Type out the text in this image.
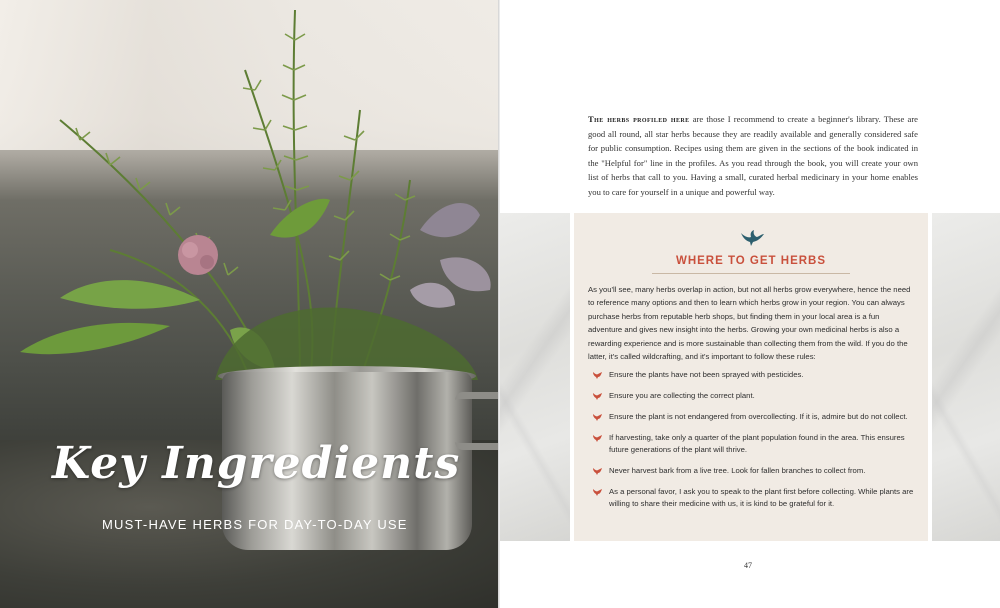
Key Ingredients
MUST-HAVE HERBS FOR DAY-TO-DAY USE
The herbs profiled here are those I recommend to create a beginner's library. These are good all round, all star herbs because they are readily available and generally considered safe for public consumption. Recipes using them are given in the sections of the book indicated in the "Helpful for" line in the profiles. As you read through the book, you will create your own list of herbs that call to you. Having a small, curated herbal medicinary in your home enables you to care for yourself in a unique and powerful way.
WHERE TO GET HERBS
As you'll see, many herbs overlap in action, but not all herbs grow everywhere, hence the need to reference many options and then to learn which herbs grow in your region. You can always purchase herbs from reputable herb shops, but finding them in your local area is a fun adventure and gives new insight into the herbs. Growing your own medicinal herbs is also a rewarding experience and is more sustainable than collecting them from the wild. If you do the latter, it's called wildcrafting, and it's important to follow these rules:
Ensure the plants have not been sprayed with pesticides.
Ensure you are collecting the correct plant.
Ensure the plant is not endangered from overcollecting. If it is, admire but do not collect.
If harvesting, take only a quarter of the plant population found in the area. This ensures future generations of the plant will thrive.
Never harvest bark from a live tree. Look for fallen branches to collect from.
As a personal favor, I ask you to speak to the plant first before collecting. While plants are willing to share their medicine with us, it is kind to be grateful for it.
47
